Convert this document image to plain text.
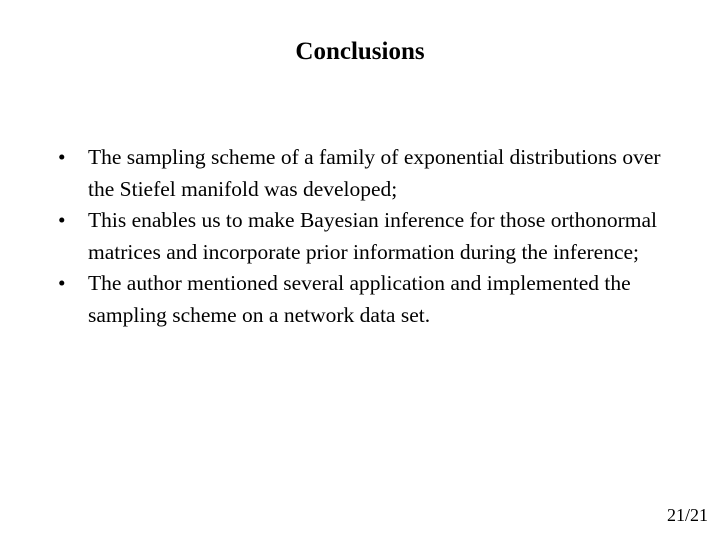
Conclusions
•	The sampling scheme of a family of exponential distributions over the Stiefel manifold was developed;
•	This enables us to make Bayesian inference for those orthonormal matrices and incorporate prior information during the inference;
•	The author mentioned several application and implemented the sampling scheme on a network data set.
21/21
